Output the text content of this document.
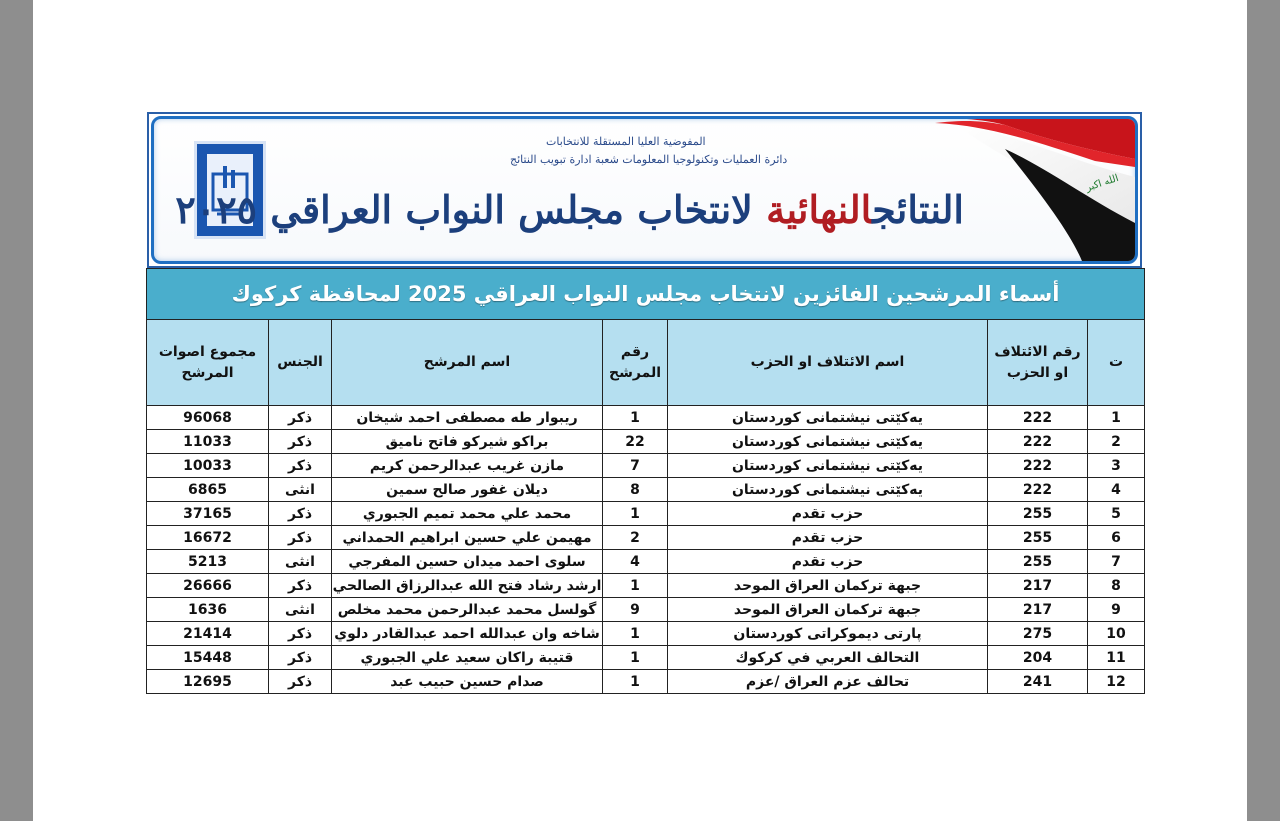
المفوضية العليا المستقلة للانتخابات
دائرة العمليات وتكنولوجيا المعلومات شعبة ادارة تبويب النتائج
النتائجالنهائية لانتخاب مجلس النواب العراقي ٢٠٢٥
الله اكبر
أسماء المرشحين الفائزين لانتخاب مجلس النواب العراقي 2025 لمحافظة كركوك						
ت	رقم الائتلاف او الحزب	اسم الائتلاف او الحزب	رقم المرشح	اسم المرشح	الجنس	مجموع اصوات المرشح
1	222	يەكێتی نیشتمانی كوردستان	1	ريبوار طه مصطفى احمد شيخان	ذكر	96068
2	222	يەكێتی نیشتمانی كوردستان	22	براكو شيركو فاتح نامیق	ذكر	11033
3	222	يەكێتی نیشتمانی كوردستان	7	مازن غريب عبدالرحمن كريم	ذكر	10033
4	222	يەكێتی نیشتمانی كوردستان	8	ديلان غفور صالح سمين	انثى	6865
5	255	حزب تقدم	1	محمد علي محمد تميم الجبوري	ذكر	37165
6	255	حزب تقدم	2	مهيمن علي حسين ابراهيم الحمداني	ذكر	16672
7	255	حزب تقدم	4	سلوى احمد ميدان حسين المفرجي	انثى	5213
8	217	جبهة تركمان العراق الموحد	1	ارشد رشاد فتح الله عبدالرزاق الصالحي	ذكر	26666
9	217	جبهة تركمان العراق الموحد	9	گولسل محمد عبدالرحمن محمد مخلص	انثى	1636
10	275	پارتی ديموكراتی كوردستان	1	شاخه وان عبدالله احمد عبدالقادر دلوي	ذكر	21414
11	204	التحالف العربي في كركوك	1	قتيبة راكان سعيد علي الجبوري	ذكر	15448
12	241	تحالف عزم العراق /عزم	1	صدام حسين حبيب عبد	ذكر	12695
